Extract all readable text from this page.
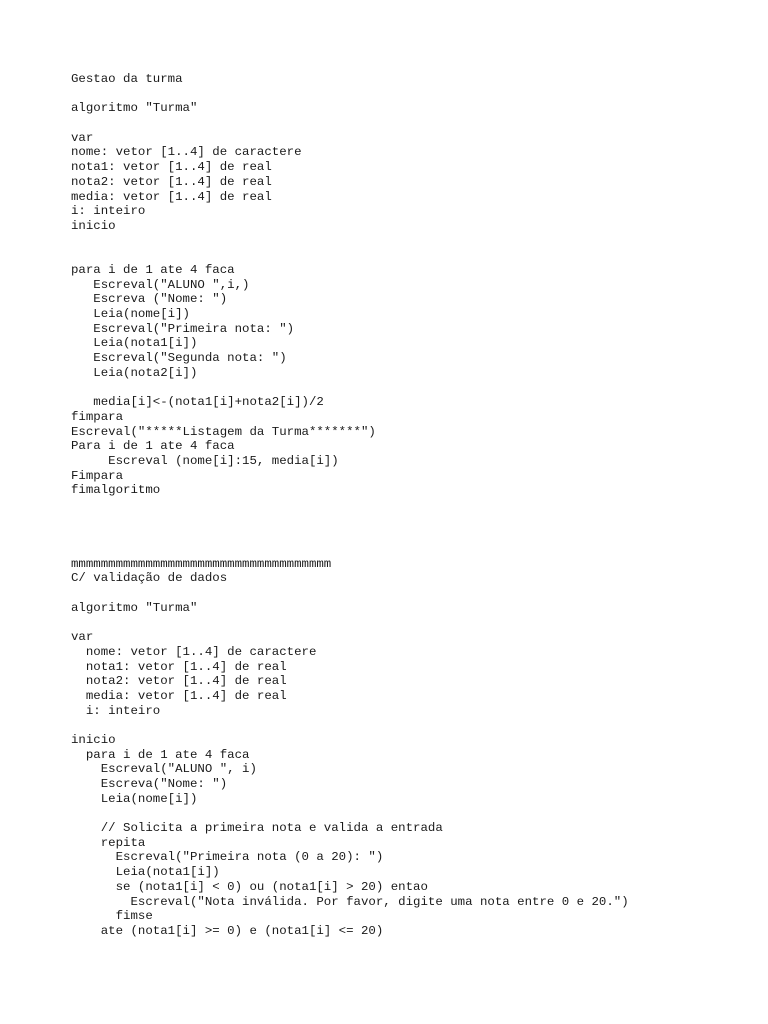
Gestao da turma
algoritmo "Turma"
var
nome: vetor [1..4] de caractere
nota1: vetor [1..4] de real
nota2: vetor [1..4] de real
media: vetor [1..4] de real
i: inteiro
inicio
para i de 1 ate 4 faca
Escreval("ALUNO ",i,)
Escreva ("Nome: ")
Leia(nome[i])
Escreval("Primeira nota: ")
Leia(nota1[i])
Escreval("Segunda nota: ")
Leia(nota2[i])
media[i]<-(nota1[i]+nota2[i])/2
fimpara
Escreval("*****Listagem da Turma*******")
Para i de 1 ate 4 faca
Escreval (nome[i]:15, media[i])
Fimpara
fimalgoritmo
mmmmmmmmmmmmmmmmmmmmmmmmmmmmmmmmmmm
C/ validação de dados
algoritmo "Turma"
var
nome: vetor [1..4] de caractere
nota1: vetor [1..4] de real
nota2: vetor [1..4] de real
media: vetor [1..4] de real
i: inteiro
inicio
para i de 1 ate 4 faca
Escreval("ALUNO ", i)
Escreva("Nome: ")
Leia(nome[i])
// Solicita a primeira nota e valida a entrada
repita
Escreval("Primeira nota (0 a 20): ")
Leia(nota1[i])
se (nota1[i] < 0) ou (nota1[i] > 20) entao
Escreval("Nota inválida. Por favor, digite uma nota entre 0 e 20.")
fimse
ate (nota1[i] >= 0) e (nota1[i] <= 20)
